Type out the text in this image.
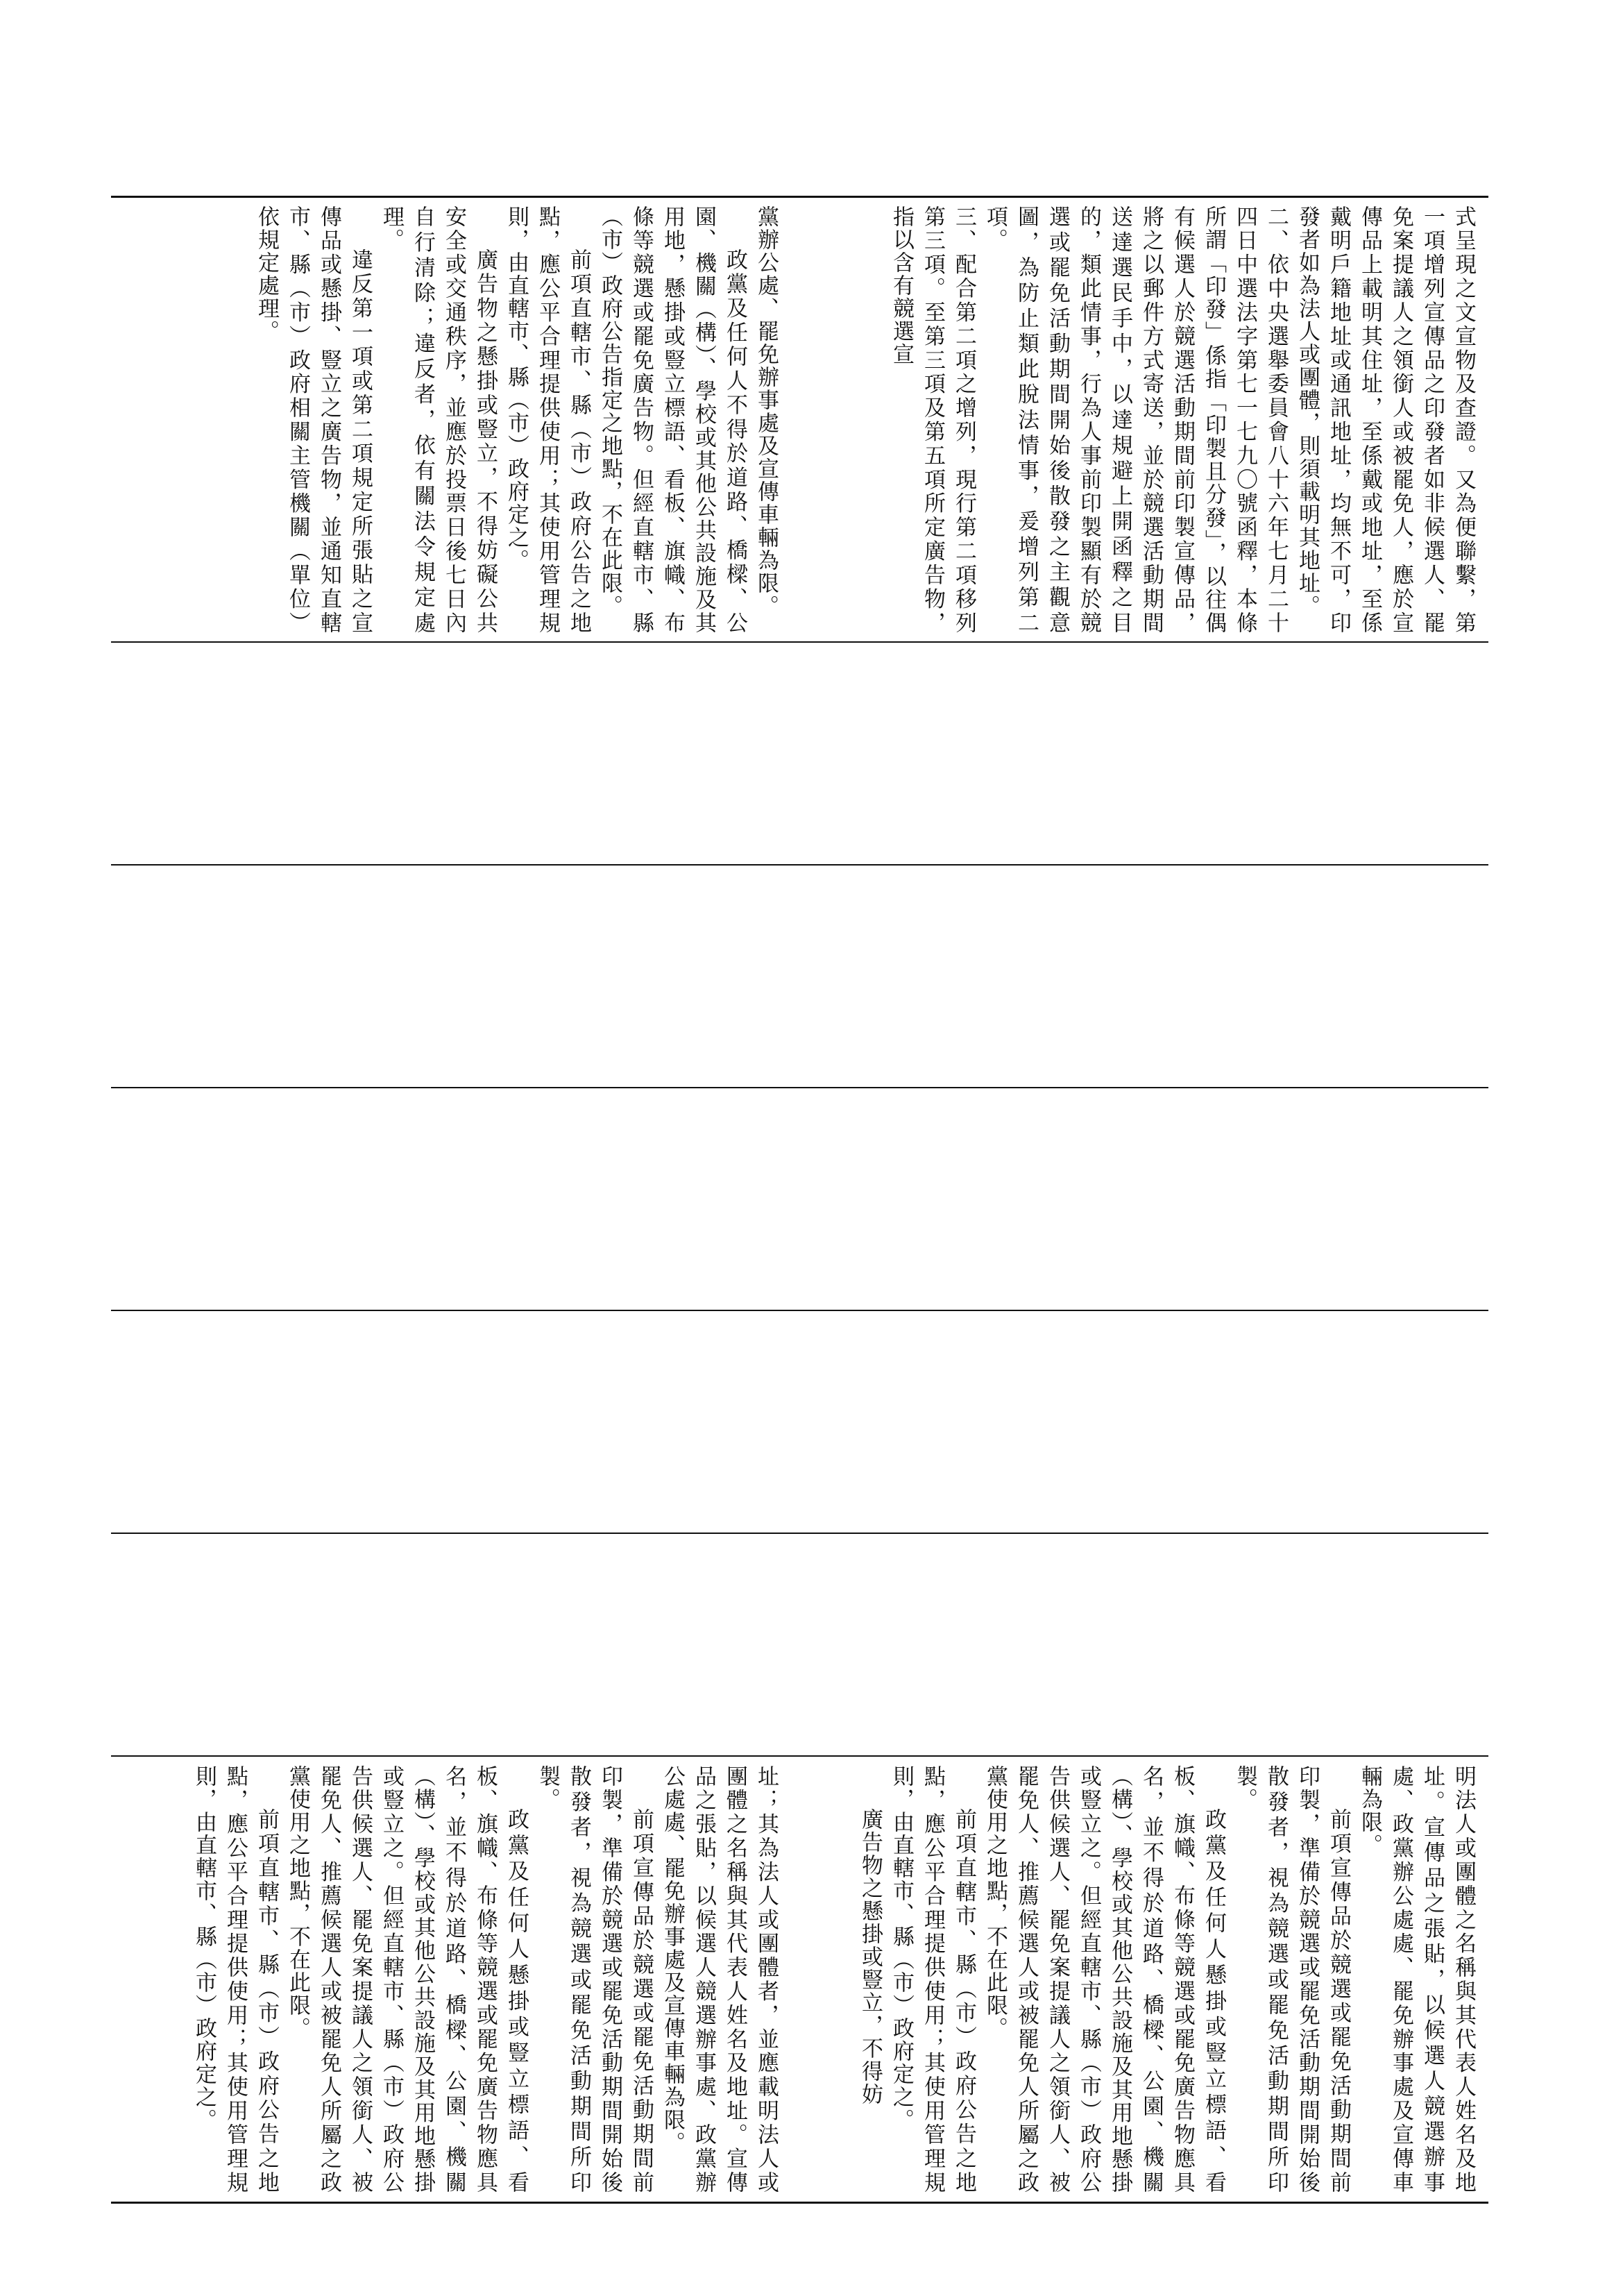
黨辦公處、罷免辦事處及宣傳車輛為限。

政黨及任何人不得於道路、橋樑、公園、機關（構）、學校或其他公共設施及其用地，懸掛或豎立標語、看板、旗幟、布條等競選或罷免廣告物。但經直轄市、縣（市）政府公告指定之地點，不在此限。

前項直轄市、縣（市）政府公告之地點，應公平合理提供使用；其使用管理規則，由直轄市、縣（市）政府定之。

廣告物之懸掛或豎立，不得妨礙公共安全或交通秩序，並應於投票日後七日內自行清除；違反者，依有關法令規定處理。

違反第一項或第二項規定所張貼之宣傳品或懸掛、豎立之廣告物，並通知直轄市、縣（市）政府相關主管機關（單位）依規定處理。	式呈現之文宣物及查證。又為便聯繫，第一項增列宣傳品之印發者如非候選人、罷免案提議人之領銜人或被罷免人，應於宣傳品上載明其住址，至係戴或地址，至係戴明戶籍地址或通訊地址，均無不可，印發者如為法人或團體，則須載明其地址。

二、依中央選舉委員會八十六年七月二十四日中選法字第七一七九〇號函釋，本條所謂「印發」係指「印製且分發」，以往偶有候選人於競選活動期間前印製宣傳品，將之以郵件方式寄送，並於競選活動期間送達選民手中，以達規避上開函釋之目的，類此情事，行為人事前印製顯有於競選或罷免活動期間開始後散發之主觀意圖，為防止類此脫法情事，爰增列第二項。

三、配合第二項之增列，現行第二項移列第三項。至第三項及第五項所定廣告物，指以含有競選宣

址；其為法人或團體者，並應載明法人或團體之名稱與其代表人姓名及地址。宣傳品之張貼，以候選人競選辦事處、政黨辦公處處、罷免辦事處及宣傳車輛為限。

前項宣傳品於競選或罷免活動期間前印製，準備於競選或罷免活動期間開始後散發者，視為競選或罷免活動期間所印製。

政黨及任何人懸掛或豎立標語、看板、旗幟、布條等競選或罷免廣告物應具名，並不得於道路、橋樑、公園、機關（構）、學校或其他公共設施及其用地懸掛或豎立之。但經直轄市、縣（市）政府公告供候選人、罷免案提議人之領銜人、被罷免人、推薦候選人或被罷免人所屬之政黨使用之地點，不在此限。

前項直轄市、縣（市）政府公告之地點，應公平合理提供使用；其使用管理規則，由直轄市、縣（市）政府定之。	明法人或團體之名稱與其代表人姓名及地址。宣傳品之張貼，以候選人競選辦事處、政黨辦公處處、罷免辦事處及宣傳車輛為限。

前項宣傳品於競選或罷免活動期間前印製，準備於競選或罷免活動期間開始後散發者，視為競選或罷免活動期間所印製。

政黨及任何人懸掛或豎立標語、看板、旗幟、布條等競選或罷免廣告物應具名，並不得於道路、橋樑、公園、機關（構）、學校或其他公共設施及其用地懸掛或豎立之。但經直轄市、縣（市）政府公告供候選人、罷免案提議人之領銜人、被罷免人、推薦候選人或被罷免人所屬之政黨使用之地點，不在此限。

前項直轄市、縣（市）政府公告之地點，應公平合理提供使用；其使用管理規則，由直轄市、縣（市）政府定之。

廣告物之懸掛或豎立，不得妨
